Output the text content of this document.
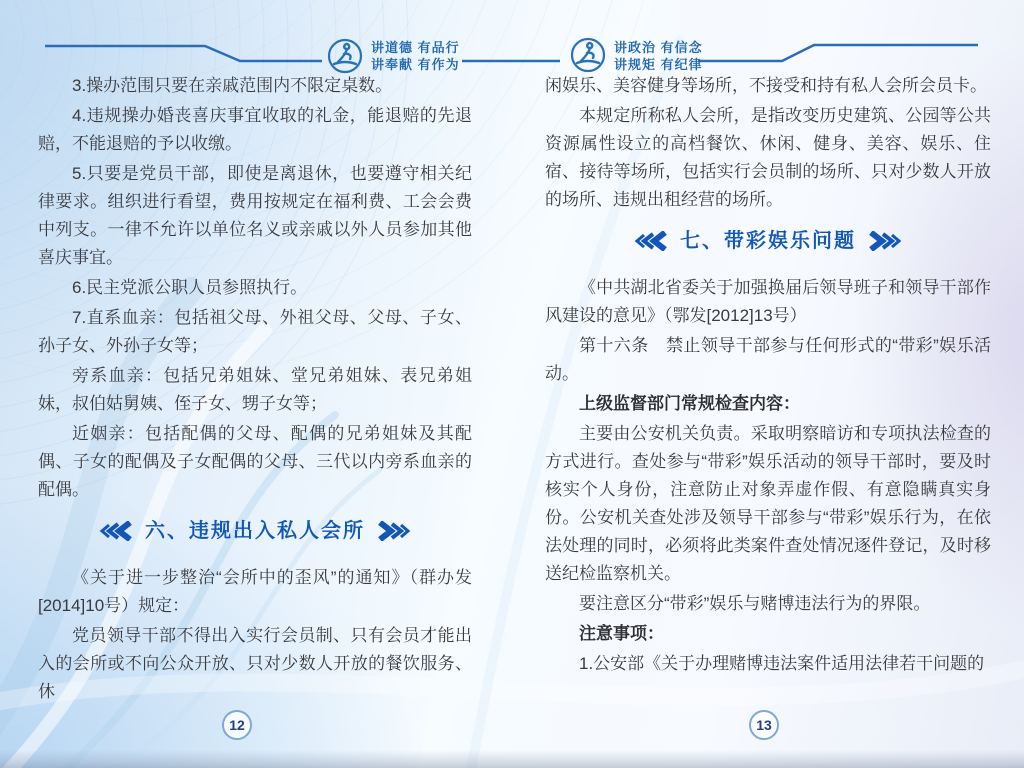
讲道德 有品行
讲奉献 有作为
讲政治 有信念
讲规矩 有纪律

3.操办范围只要在亲戚范围内不限定桌数。

4.违规操办婚丧喜庆事宜收取的礼金，能退赔的先退赔，不能退赔的予以收缴。

5.只要是党员干部，即使是离退休，也要遵守相关纪律要求。组织进行看望，费用按规定在福利费、工会会费中列支。一律不允许以单位名义或亲戚以外人员参加其他喜庆事宜。

6.民主党派公职人员参照执行。

7.直系血亲：包括祖父母、外祖父母、父母、子女、孙子女、外孙子女等；

旁系血亲：包括兄弟姐妹、堂兄弟姐妹、表兄弟姐妹，叔伯姑舅姨、侄子女、甥子女等；

近姻亲：包括配偶的父母、配偶的兄弟姐妹及其配偶、子女的配偶及子女配偶的父母、三代以内旁系血亲的配偶。

六、违规出入私人会所

《关于进一步整治“会所中的歪风”的通知》（群办发[2014]10号）规定：

党员领导干部不得出入实行会员制、只有会员才能出入的会所或不向公众开放、只对少数人开放的餐饮服务、休

闲娱乐、美容健身等场所，不接受和持有私人会所会员卡。

本规定所称私人会所，是指改变历史建筑、公园等公共资源属性设立的高档餐饮、休闲、健身、美容、娱乐、住宿、接待等场所，包括实行会员制的场所、只对少数人开放的场所、违规出租经营的场所。

七、带彩娱乐问题

《中共湖北省委关于加强换届后领导班子和领导干部作风建设的意见》（鄂发[2012]13号）

第十六条　禁止领导干部参与任何形式的“带彩”娱乐活动。

上级监督部门常规检查内容：

主要由公安机关负责。采取明察暗访和专项执法检查的方式进行。查处参与“带彩”娱乐活动的领导干部时，要及时核实个人身份，注意防止对象弄虚作假、有意隐瞒真实身份。公安机关查处涉及领导干部参与“带彩”娱乐行为，在依法处理的同时，必须将此类案件查处情况逐件登记，及时移送纪检监察机关。

要注意区分“带彩”娱乐与赌博违法行为的界限。

注意事项：

1.公安部《关于办理赌博违法案件适用法律若干问题的

12	13
